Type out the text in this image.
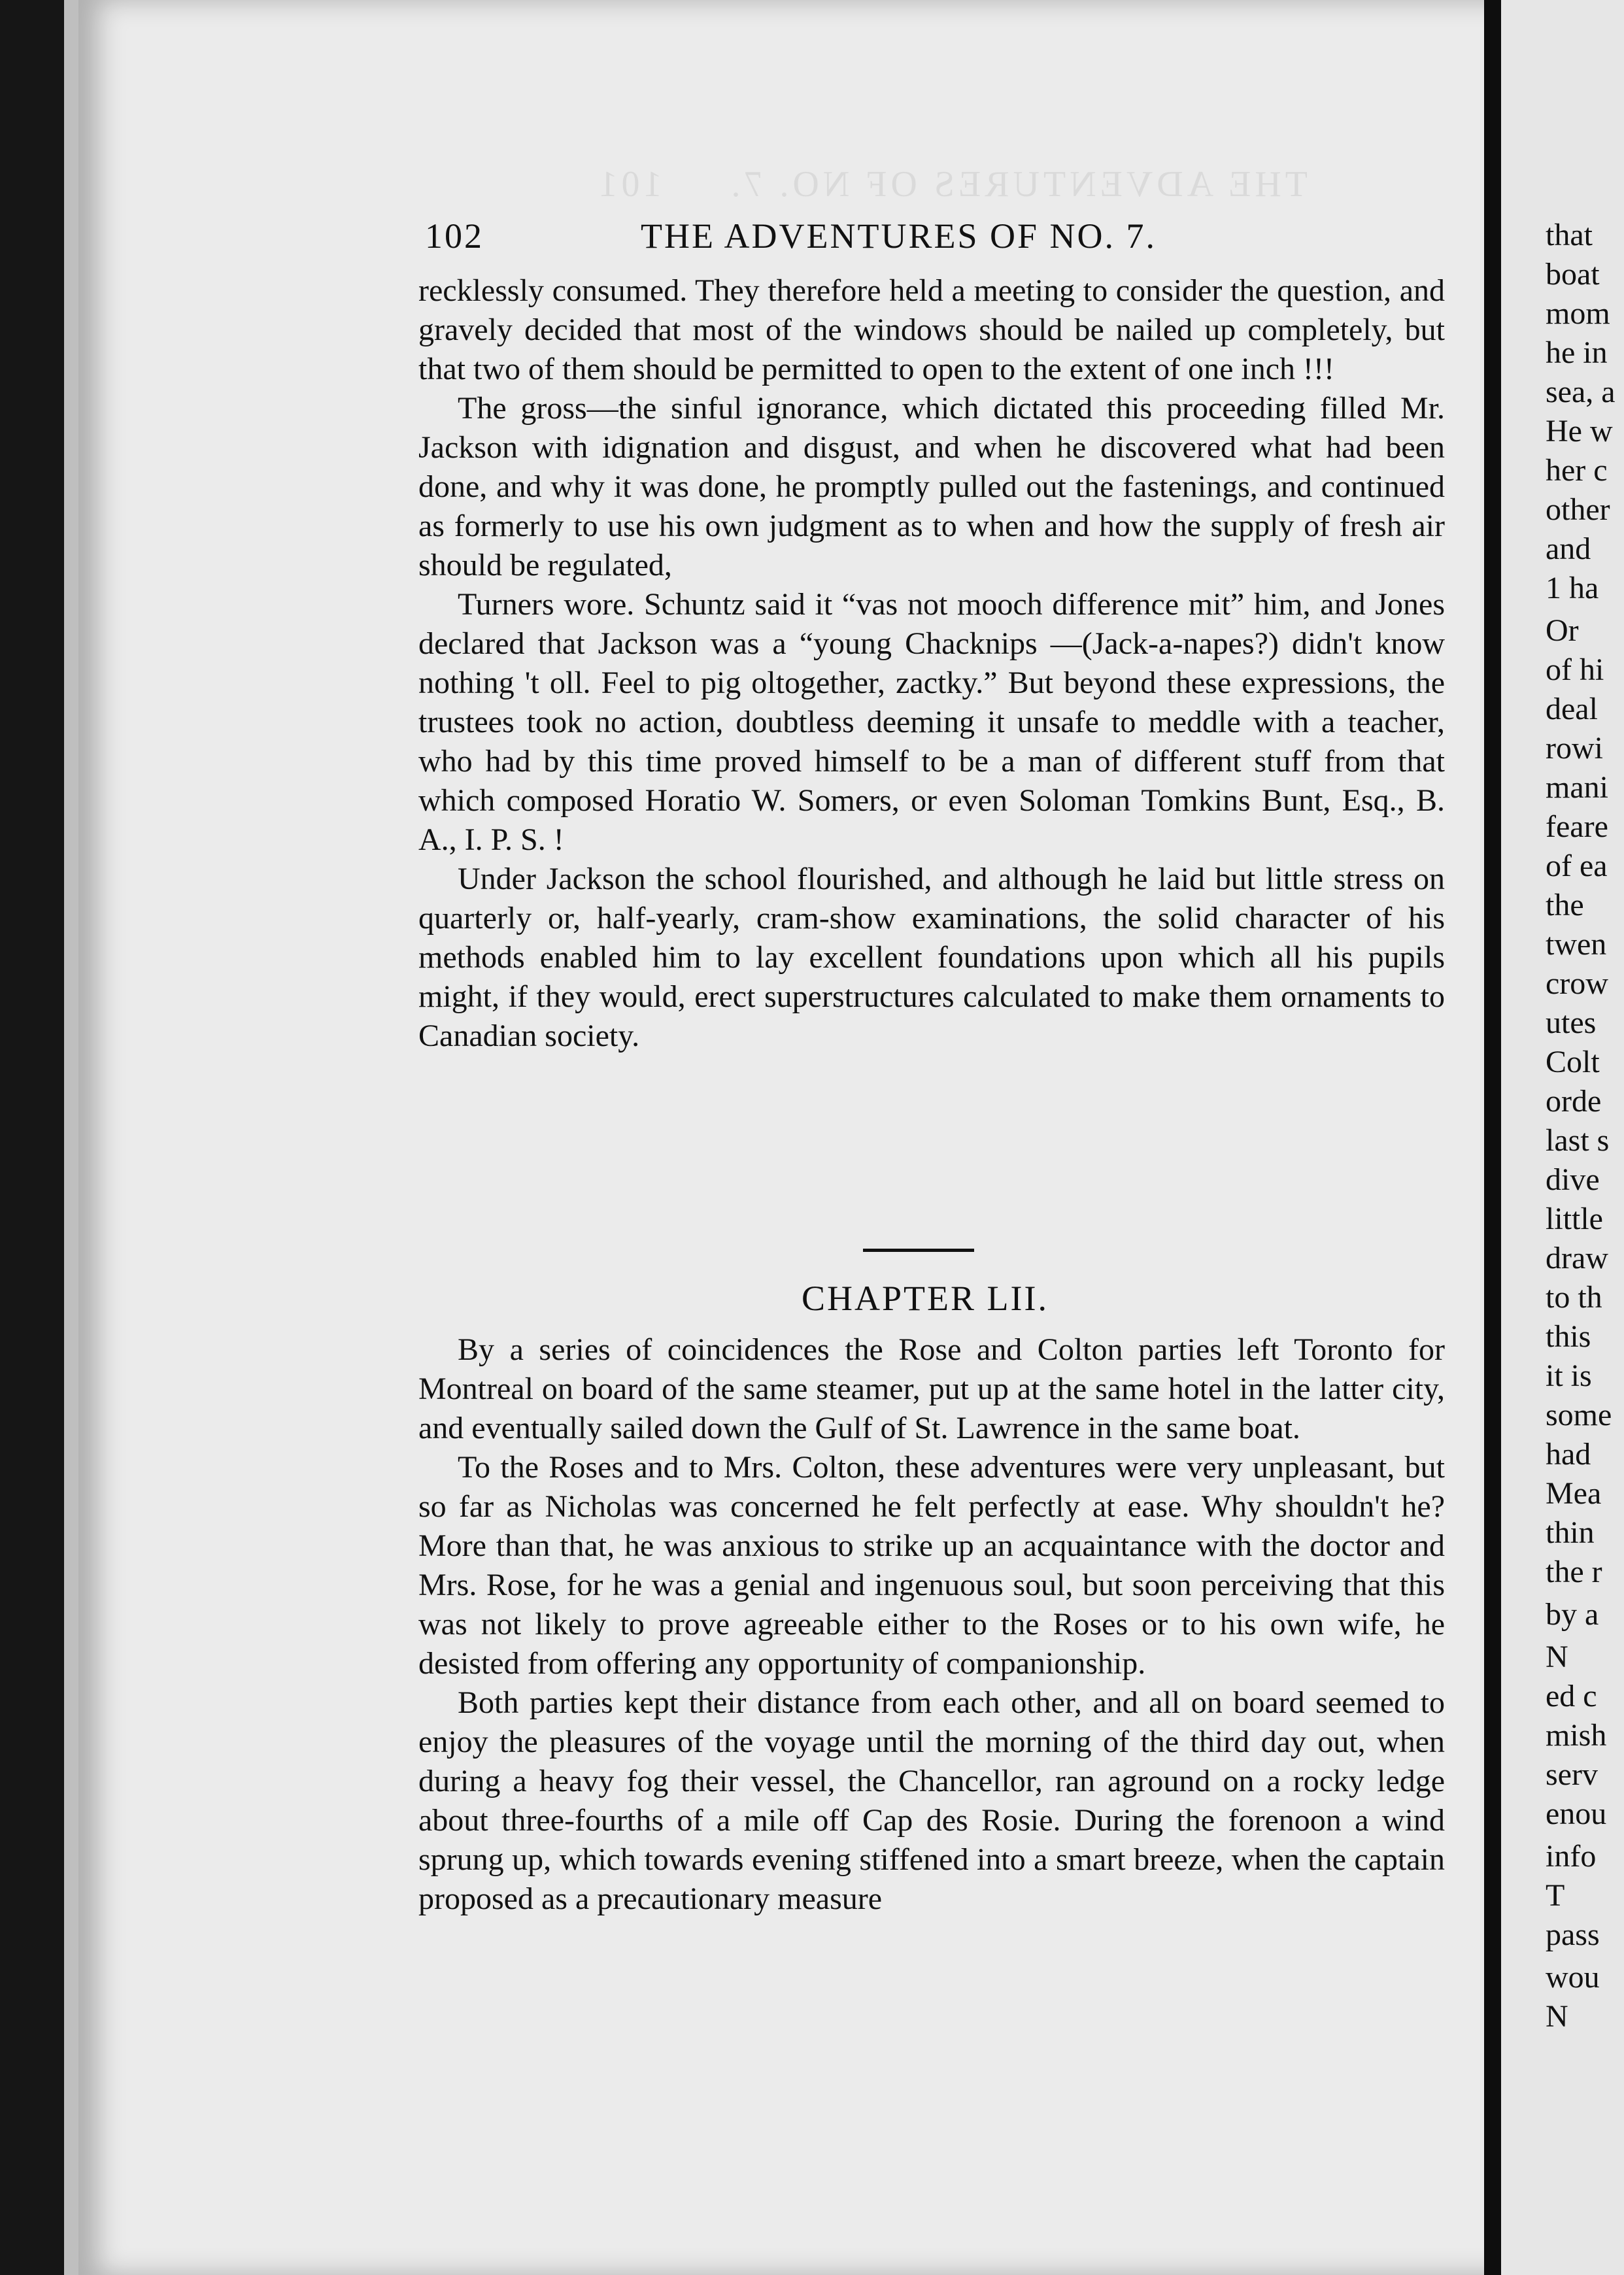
THE ADVENTURES OF NO. 7.     101
102	THE ADVENTURES OF NO. 7.

recklessly consumed. They therefore held a meeting to consider the question, and gravely decided that most of the windows should be nailed up completely, but that two of them should be permitted to open to the extent of one inch !!!

The gross—the sinful ignorance, which dictated this proceeding filled Mr. Jackson with idignation and disgust, and when he discovered what had been done, and why it was done, he promptly pulled out the fastenings, and continued as formerly to use his own judgment as to when and how the supply of fresh air should be regulated,

Turners wore. Schuntz said it “vas not mooch difference mit” him, and Jones declared that Jackson was a “young Chacknips —(Jack-a-napes?) didn't know nothing 't oll. Feel to pig oltogether, zactky.” But beyond these expressions, the trustees took no action, doubtless deeming it unsafe to meddle with a teacher, who had by this time proved himself to be a man of different stuff from that which composed Horatio W. Somers, or even Soloman Tomkins Bunt, Esq., B. A., I. P. S. !

Under Jackson the school flourished, and although he laid but little stress on quarterly or, half-yearly, cram-show examinations, the solid character of his methods enabled him to lay excellent foundations upon which all his pupils might, if they would, erect superstructures calculated to make them ornaments to Canadian society.

CHAPTER LII.

By a series of coincidences the Rose and Colton parties left Toronto for Montreal on board of the same steamer, put up at the same hotel in the latter city, and eventually sailed down the Gulf of St. Lawrence in the same boat.

To the Roses and to Mrs. Colton, these adventures were very unpleasant, but so far as Nicholas was concerned he felt perfectly at ease. Why shouldn't he? More than that, he was anxious to strike up an acquaintance with the doctor and Mrs. Rose, for he was a genial and ingenuous soul, but soon perceiving that this was not likely to prove agreeable either to the Roses or to his own wife, he desisted from offering any opportunity of companionship.

Both parties kept their distance from each other, and all on board seemed to enjoy the pleasures of the voyage until the morning of the third day out, when during a heavy fog their vessel, the Chancellor, ran aground on a rocky ledge about three-fourths of a mile off Cap des Rosie. During the forenoon a wind sprung up, which towards evening stiffened into a smart breeze, when the captain proposed as a precautionary measure

that
boat
mom
he in
sea, a
He w
her c
other
and
1 ha
Or
of hi
deal
rowi
mani
feare
of ea
the
twen
crow
utes
Colt
orde
last s
dive
little
draw
to th
this
it is
some
had
Mea
thin
the r
by a
N
ed c
mish
serv
enou
info
T
pass
wou
N
